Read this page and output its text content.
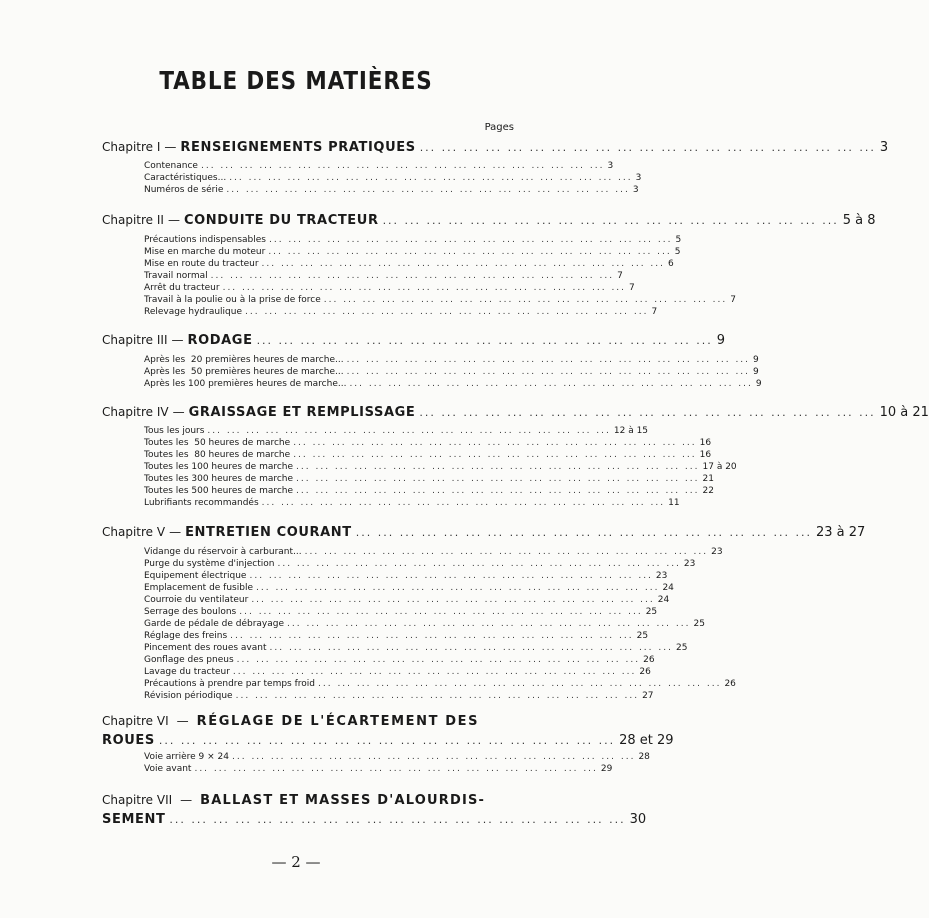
TABLE DES MATIÈRES
Pages
Chapitre I — RENSEIGNEMENTS PRATIQUES ... ... ... ... ... ... ... ... ... ... ... ... ... ... ... ... ... ... ... ... ... 3
Contenance ... ... ... ... ... ... ... ... ... ... ... ... ... ... ... ... ... ... ... ... ... 3
Caractéristiques... ... ... ... ... ... ... ... ... ... ... ... ... ... ... ... ... ... ... ... ... ... 3
Numéros de série ... ... ... ... ... ... ... ... ... ... ... ... ... ... ... ... ... ... ... ... ... 3
Chapitre II — CONDUITE DU TRACTEUR ... ... ... ... ... ... ... ... ... ... ... ... ... ... ... ... ... ... ... ... ... 5 à 8
Précautions indispensables ... ... ... ... ... ... ... ... ... ... ... ... ... ... ... ... ... ... ... ... ... 5
Mise en marche du moteur ... ... ... ... ... ... ... ... ... ... ... ... ... ... ... ... ... ... ... ... ... 5
Mise en route du tracteur ... ... ... ... ... ... ... ... ... ... ... ... ... ... ... ... ... ... ... ... ... 6
Travail normal ... ... ... ... ... ... ... ... ... ... ... ... ... ... ... ... ... ... ... ... ... 7
Arrêt du tracteur ... ... ... ... ... ... ... ... ... ... ... ... ... ... ... ... ... ... ... ... ... 7
Travail à la poulie ou à la prise de force ... ... ... ... ... ... ... ... ... ... ... ... ... ... ... ... ... ... ... ... ... 7
Relevage hydraulique ... ... ... ... ... ... ... ... ... ... ... ... ... ... ... ... ... ... ... ... ... 7
Chapitre III — RODAGE ... ... ... ... ... ... ... ... ... ... ... ... ... ... ... ... ... ... ... ... ... 9
Après les  20 premières heures de marche... ... ... ... ... ... ... ... ... ... ... ... ... ... ... ... ... ... ... ... ... ... 9
Après les  50 premières heures de marche... ... ... ... ... ... ... ... ... ... ... ... ... ... ... ... ... ... ... ... ... ... 9
Après les 100 premières heures de marche... ... ... ... ... ... ... ... ... ... ... ... ... ... ... ... ... ... ... ... ... ... 9
Chapitre IV — GRAISSAGE ET REMPLISSAGE ... ... ... ... ... ... ... ... ... ... ... ... ... ... ... ... ... ... ... ... ... 10 à 21
Tous les jours ... ... ... ... ... ... ... ... ... ... ... ... ... ... ... ... ... ... ... ... ... 12 à 15
Toutes les  50 heures de marche ... ... ... ... ... ... ... ... ... ... ... ... ... ... ... ... ... ... ... ... ... 16
Toutes les  80 heures de marche ... ... ... ... ... ... ... ... ... ... ... ... ... ... ... ... ... ... ... ... ... 16
Toutes les 100 heures de marche ... ... ... ... ... ... ... ... ... ... ... ... ... ... ... ... ... ... ... ... ... 17 à 20
Toutes les 300 heures de marche ... ... ... ... ... ... ... ... ... ... ... ... ... ... ... ... ... ... ... ... ... 21
Toutes les 500 heures de marche ... ... ... ... ... ... ... ... ... ... ... ... ... ... ... ... ... ... ... ... ... 22
Lubrifiants recommandés ... ... ... ... ... ... ... ... ... ... ... ... ... ... ... ... ... ... ... ... ... 11
Chapitre V — ENTRETIEN COURANT ... ... ... ... ... ... ... ... ... ... ... ... ... ... ... ... ... ... ... ... ... 23 à 27
Vidange du réservoir à carburant... ... ... ... ... ... ... ... ... ... ... ... ... ... ... ... ... ... ... ... ... ... 23
Purge du système d'injection ... ... ... ... ... ... ... ... ... ... ... ... ... ... ... ... ... ... ... ... ... 23
Equipement électrique ... ... ... ... ... ... ... ... ... ... ... ... ... ... ... ... ... ... ... ... ... 23
Emplacement de fusible ... ... ... ... ... ... ... ... ... ... ... ... ... ... ... ... ... ... ... ... ... 24
Courroie du ventilateur ... ... ... ... ... ... ... ... ... ... ... ... ... ... ... ... ... ... ... ... ... 24
Serrage des boulons ... ... ... ... ... ... ... ... ... ... ... ... ... ... ... ... ... ... ... ... ... 25
Garde de pédale de débrayage ... ... ... ... ... ... ... ... ... ... ... ... ... ... ... ... ... ... ... ... ... 25
Réglage des freins ... ... ... ... ... ... ... ... ... ... ... ... ... ... ... ... ... ... ... ... ... 25
Pincement des roues avant ... ... ... ... ... ... ... ... ... ... ... ... ... ... ... ... ... ... ... ... ... 25
Gonflage des pneus ... ... ... ... ... ... ... ... ... ... ... ... ... ... ... ... ... ... ... ... ... 26
Lavage du tracteur ... ... ... ... ... ... ... ... ... ... ... ... ... ... ... ... ... ... ... ... ... 26
Précautions à prendre par temps froid ... ... ... ... ... ... ... ... ... ... ... ... ... ... ... ... ... ... ... ... ... 26
Révision périodique ... ... ... ... ... ... ... ... ... ... ... ... ... ... ... ... ... ... ... ... ... 27
Chapitre VI — RÉGLAGE DE L'ÉCARTEMENT DES
ROUES ... ... ... ... ... ... ... ... ... ... ... ... ... ... ... ... ... ... ... ... ... 28 et 29
Voie arrière 9 × 24 ... ... ... ... ... ... ... ... ... ... ... ... ... ... ... ... ... ... ... ... ... 28
Voie avant ... ... ... ... ... ... ... ... ... ... ... ... ... ... ... ... ... ... ... ... ... 29
Chapitre VII — BALLAST ET MASSES D'ALOURDIS-
SEMENT ... ... ... ... ... ... ... ... ... ... ... ... ... ... ... ... ... ... ... ... ... 30
— 2 —
